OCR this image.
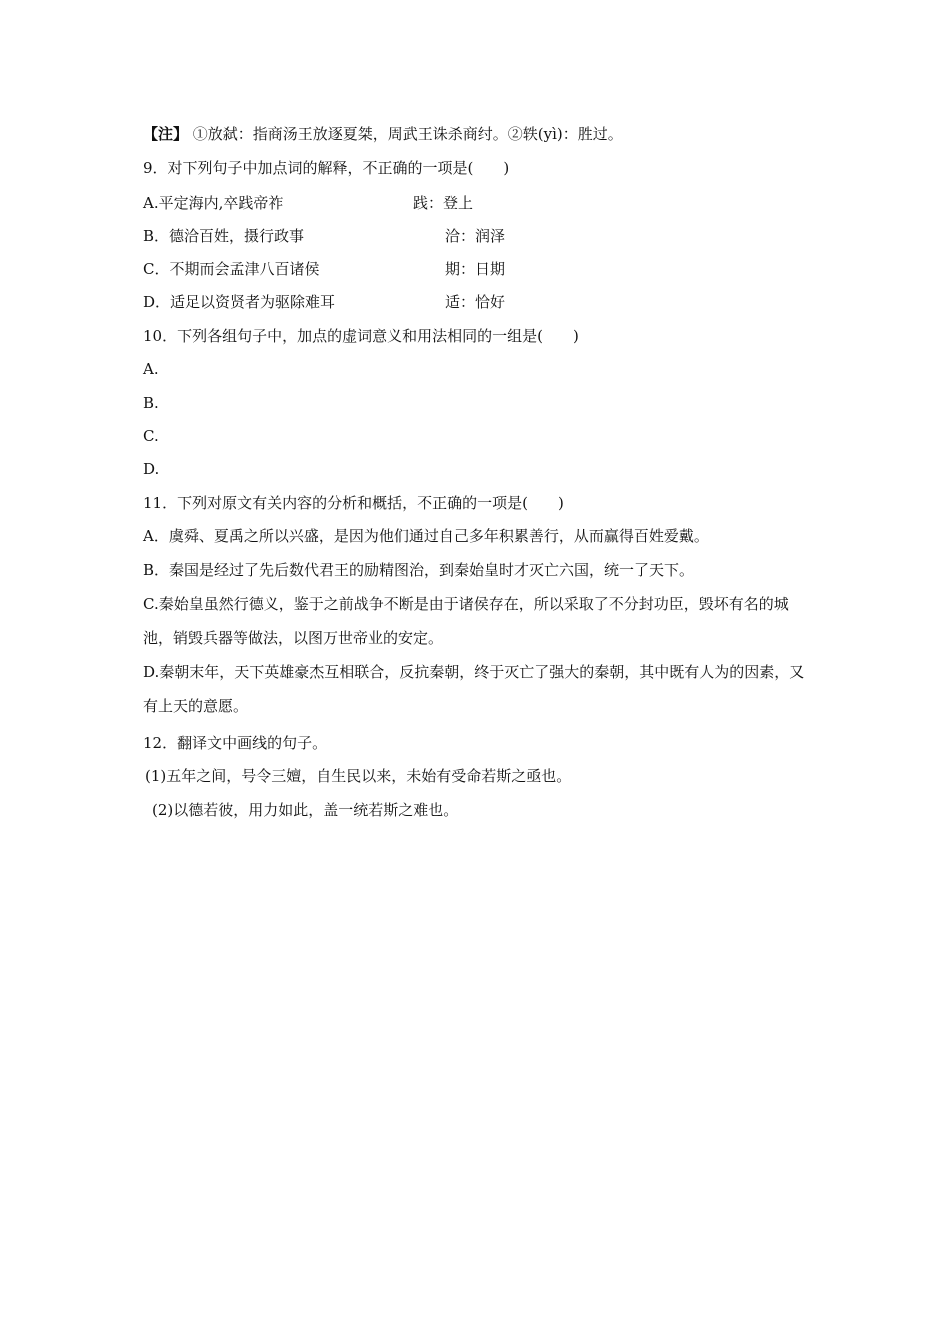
【注】 ①放弑：指商汤王放逐夏桀，周武王诛杀商纣。②轶(yì)：胜过。
9．对下列句子中加点词的解释，不正确的一项是(　　)
A.平定海内,卒践帝祚	践：登上
B．德洽百姓，摄行政事	洽：润泽
C．不期而会孟津八百诸侯	期：日期
D．适足以资贤者为驱除难耳	适：恰好
10．下列各组句子中，加点的虚词意义和用法相同的一组是(　　)
A.
B.
C.
D.
11．下列对原文有关内容的分析和概括，不正确的一项是(　　)
A．虞舜、夏禹之所以兴盛，是因为他们通过自己多年积累善行，从而赢得百姓爱戴。
B．秦国是经过了先后数代君王的励精图治，到秦始皇时才灭亡六国，统一了天下。
C.秦始皇虽然行德义，鉴于之前战争不断是由于诸侯存在，所以采取了不分封功臣，毁坏有名的城池，销毁兵器等做法，以图万世帝业的安定。
D.秦朝末年，天下英雄豪杰互相联合，反抗秦朝，终于灭亡了强大的秦朝，其中既有人为的因素，又有上天的意愿。
12．翻译文中画线的句子。
(1)五年之间，号令三嬗，自生民以来，未始有受命若斯之亟也。
(2)以德若彼，用力如此，盖一统若斯之难也。
